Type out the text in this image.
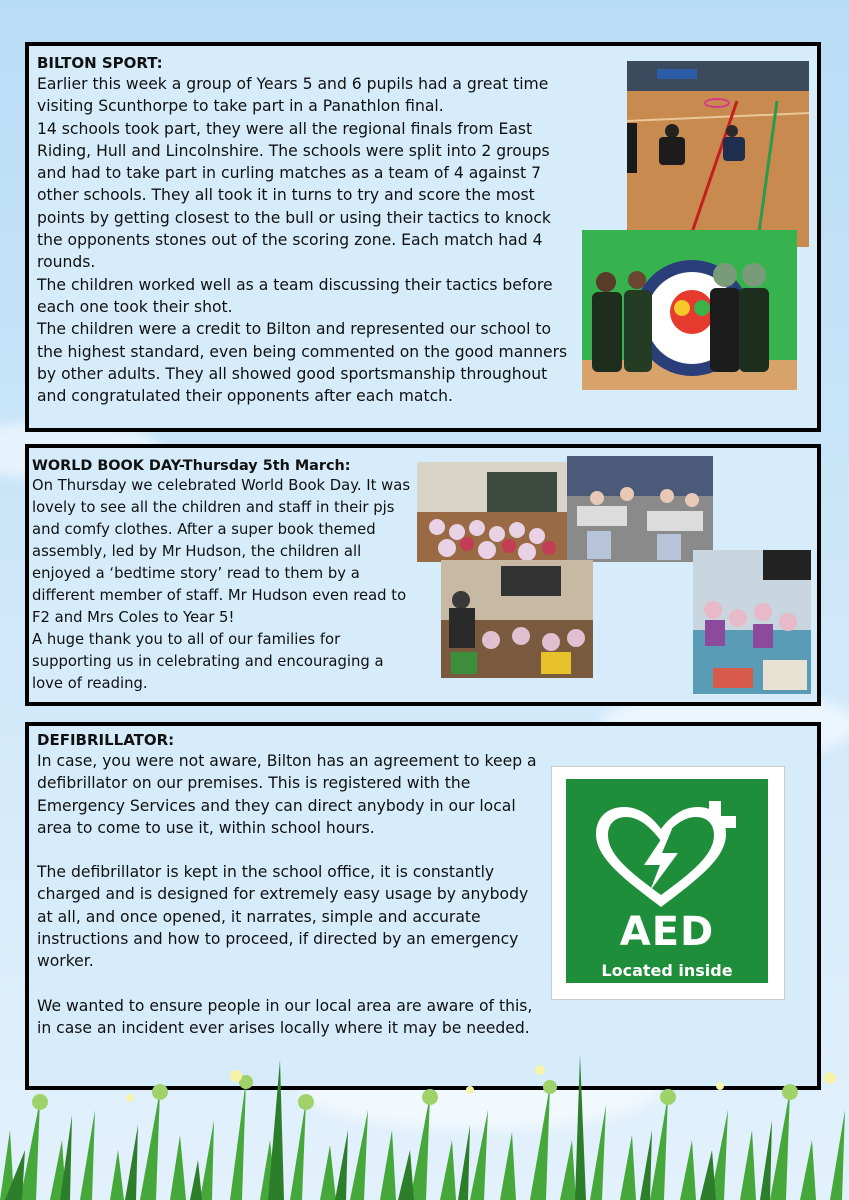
BILTON SPORT:

Earlier this week a group of Years 5 and 6 pupils had a great time visiting Scunthorpe to take part in a Panathlon final.

14 schools took part, they were all the regional finals from East Riding, Hull and Lincolnshire. The schools were split into 2 groups and had to take part in curling matches as a team of 4 against 7 other schools. They all took it in turns to try and score the most points by getting closest to the bull or using their tactics to knock the opponents stones out of the scoring zone. Each match had 4 rounds.

The children worked well as a team discussing their tactics before each one took their shot.

The children were a credit to Bilton and represented our school to the highest standard, even being commented on the good manners by other adults. They all showed good sportsmanship throughout and congratulated their opponents after each match.

WORLD BOOK DAY-Thursday 5th March:

On Thursday we celebrated World Book Day. It was lovely to see all the children and staff in their pjs and comfy clothes. After a super book themed assembly, led by Mr Hudson, the children all enjoyed a ‘bedtime story’ read to them by a different member of staff. Mr Hudson even read to F2 and Mrs Coles to Year 5!

A huge thank you to all of our families for supporting us in celebrating and encouraging a love of reading.

DEFIBRILLATOR:

In case, you were not aware, Bilton has an agreement to keep a defibrillator on our premises. This is registered with the Emergency Services and they can direct anybody in our local area to come to use it, within school hours.

The defibrillator is kept in the school office, it is constantly charged and is designed for extremely easy usage by anybody at all, and once opened, it narrates, simple and accurate instructions and how to proceed, if directed by an emergency worker.

We wanted to ensure people in our local area are aware of this, in case an incident ever arises locally where it may be needed.

AED
Located inside
